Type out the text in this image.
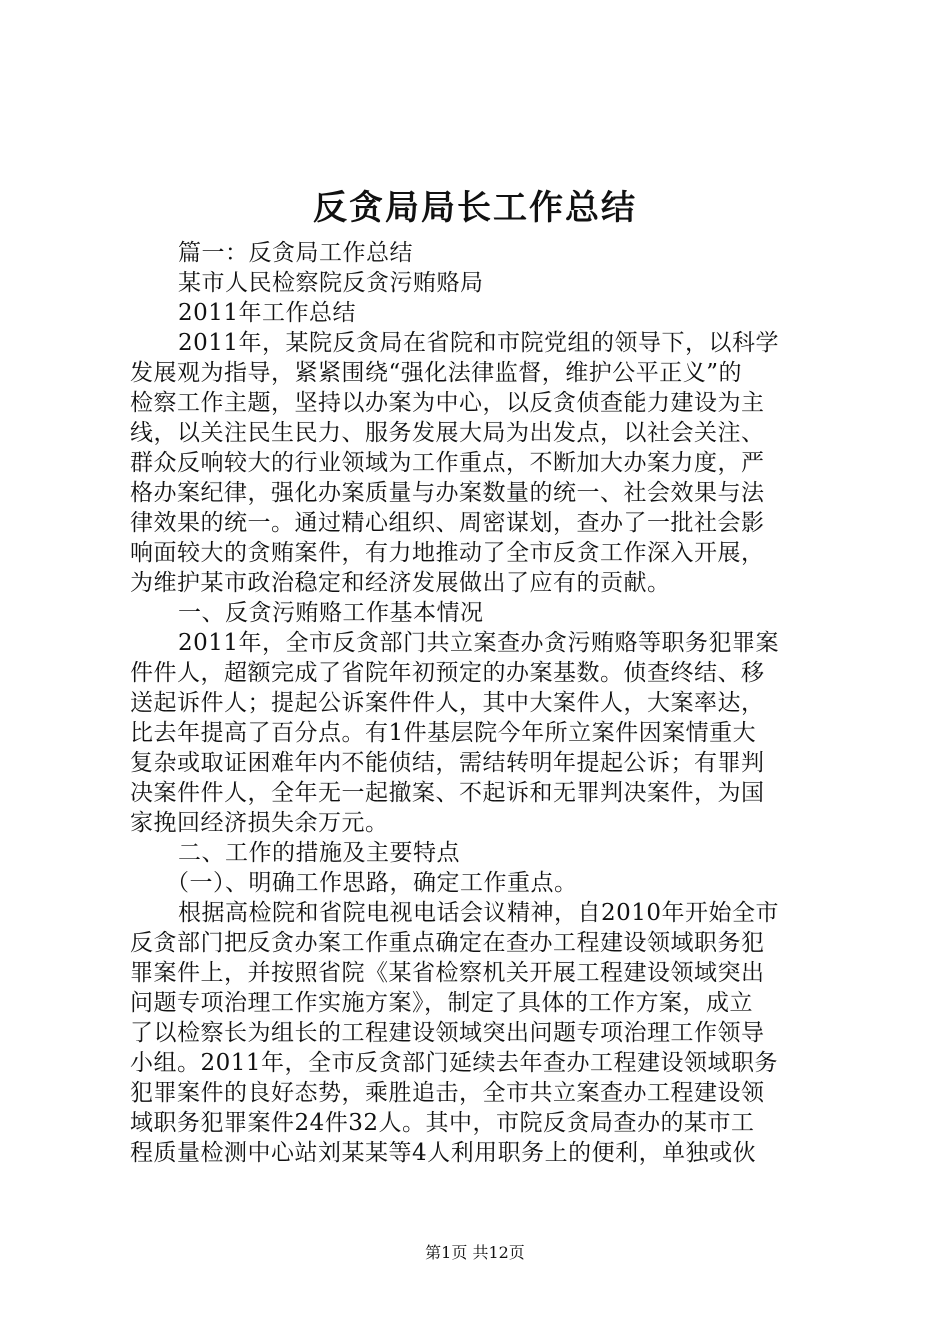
反贪局局长工作总结
篇一：反贪局工作总结
某市人民检察院反贪污贿赂局
2011年工作总结
2011年，某院反贪局在省院和市院党组的领导下，以科学
发展观为指导，紧紧围绕“强化法律监督，维护公平正义”的
检察工作主题，坚持以办案为中心，以反贪侦查能力建设为主
线，以关注民生民力、服务发展大局为出发点，以社会关注、
群众反响较大的行业领域为工作重点，不断加大办案力度，严
格办案纪律，强化办案质量与办案数量的统一、社会效果与法
律效果的统一。通过精心组织、周密谋划，查办了一批社会影
响面较大的贪贿案件，有力地推动了全市反贪工作深入开展，
为维护某市政治稳定和经济发展做出了应有的贡献。
一、反贪污贿赂工作基本情况
2011年，全市反贪部门共立案查办贪污贿赂等职务犯罪案
件件人，超额完成了省院年初预定的办案基数。侦查终结、移
送起诉件人；提起公诉案件件人，其中大案件人，大案率达，
比去年提高了百分点。有1件基层院今年所立案件因案情重大
复杂或取证困难年内不能侦结，需结转明年提起公诉；有罪判
决案件件人，全年无一起撤案、不起诉和无罪判决案件，为国
家挽回经济损失余万元。
二、工作的措施及主要特点
（一）、明确工作思路，确定工作重点。
根据高检院和省院电视电话会议精神，自2010年开始全市
反贪部门把反贪办案工作重点确定在查办工程建设领域职务犯
罪案件上，并按照省院《某省检察机关开展工程建设领域突出
问题专项治理工作实施方案》，制定了具体的工作方案，成立
了以检察长为组长的工程建设领域突出问题专项治理工作领导
小组。2011年，全市反贪部门延续去年查办工程建设领域职务
犯罪案件的良好态势，乘胜追击，全市共立案查办工程建设领
域职务犯罪案件24件32人。其中，市院反贪局查办的某市工
程质量检测中心站刘某某等4人利用职务上的便利，单独或伙
第1页 共12页
